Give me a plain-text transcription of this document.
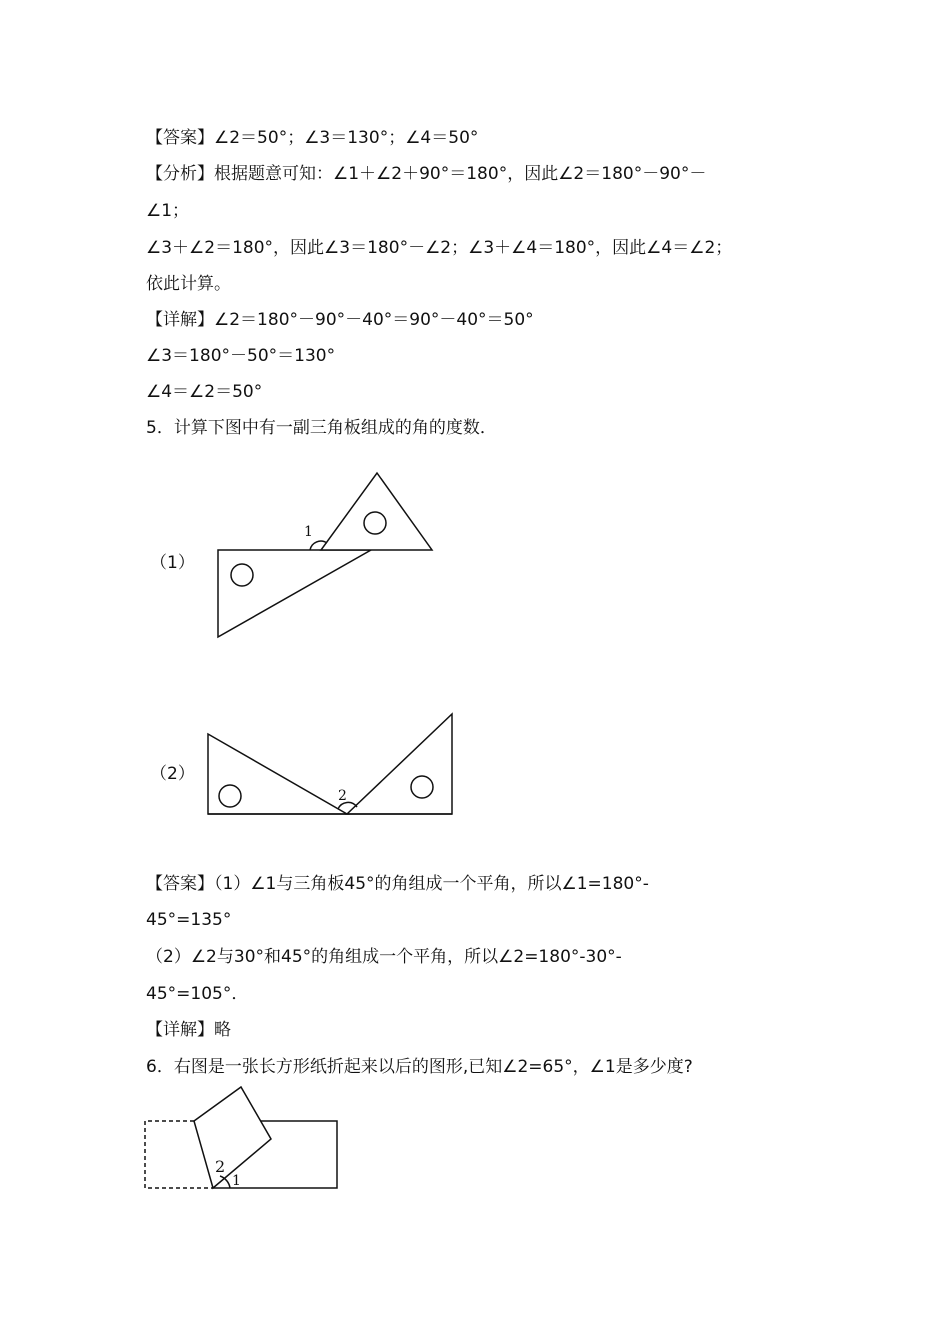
【答案】∠2＝50°；∠3＝130°；∠4＝50°
【分析】根据题意可知：∠1＋∠2＋90°＝180°，因此∠2＝180°－90°－
∠1；
∠3＋∠2＝180°，因此∠3＝180°－∠2；∠3＋∠4＝180°，因此∠4＝∠2；
依此计算。
【详解】∠2＝180°－90°－40°＝90°－40°＝50°
∠3＝180°－50°＝130°
∠4＝∠2＝50°
5．计算下图中有一副三角板组成的角的度数．
（1）
1
（2）
2
【答案】（1）∠1与三角板45°的角组成一个平角，所以∠1=180°-
45°=135°
（2）∠2与30°和45°的角组成一个平角，所以∠2=180°-30°-
45°=105°．
【详解】略
6．右图是一张长方形纸折起来以后的图形,已知∠2=65°，∠1是多少度?
2
1
